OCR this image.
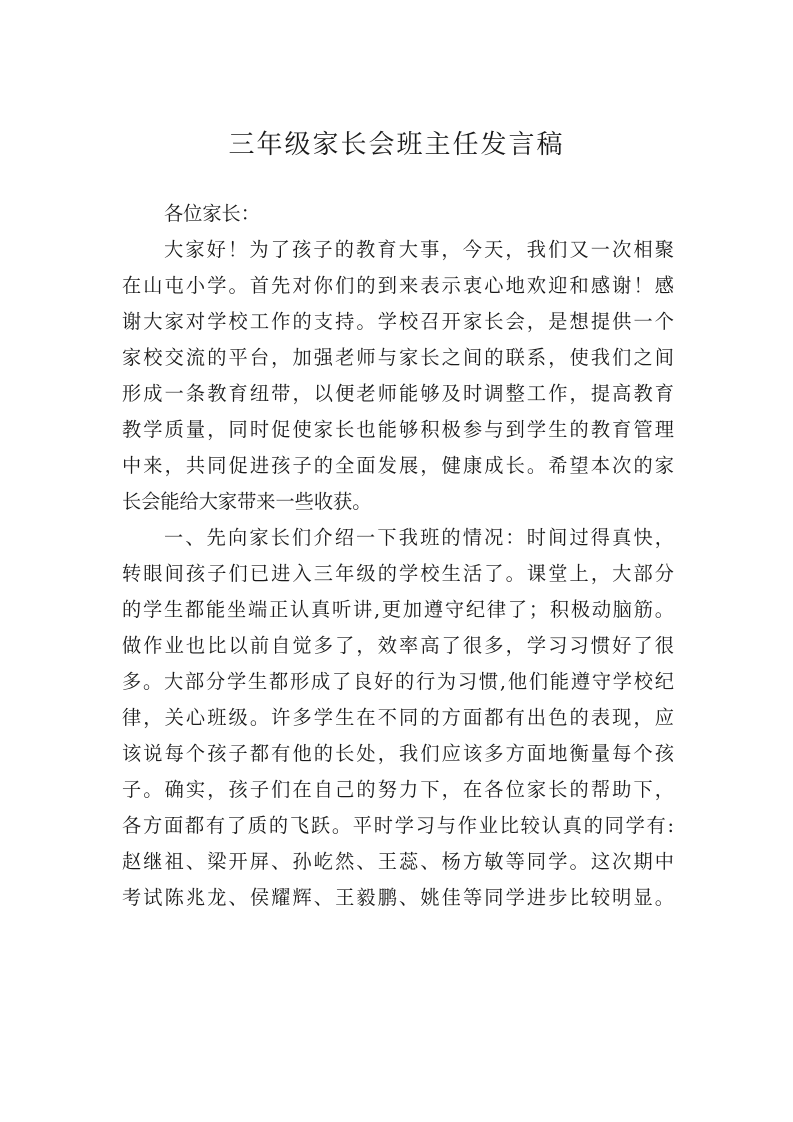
三年级家长会班主任发言稿
各位家长：
大家好！为了孩子的教育大事，今天，我们又一次相聚
在山屯小学。首先对你们的到来表示衷心地欢迎和感谢！感
谢大家对学校工作的支持。学校召开家长会，是想提供一个
家校交流的平台，加强老师与家长之间的联系，使我们之间
形成一条教育纽带，以便老师能够及时调整工作，提高教育
教学质量，同时促使家长也能够积极参与到学生的教育管理
中来，共同促进孩子的全面发展，健康成长。希望本次的家
长会能给大家带来一些收获。
一、先向家长们介绍一下我班的情况：时间过得真快，
转眼间孩子们已进入三年级的学校生活了。课堂上，大部分
的学生都能坐端正认真听讲,更加遵守纪律了；积极动脑筋。
做作业也比以前自觉多了，效率高了很多，学习习惯好了很
多。大部分学生都形成了良好的行为习惯,他们能遵守学校纪
律，关心班级。许多学生在不同的方面都有出色的表现，应
该说每个孩子都有他的长处，我们应该多方面地衡量每个孩
子。确实，孩子们在自己的努力下，在各位家长的帮助下，
各方面都有了质的飞跃。平时学习与作业比较认真的同学有:
赵继祖、梁开屏、孙屹然、王蕊、杨方敏等同学。这次期中
考试陈兆龙、侯耀辉、王毅鹏、姚佳等同学进步比较明显。
